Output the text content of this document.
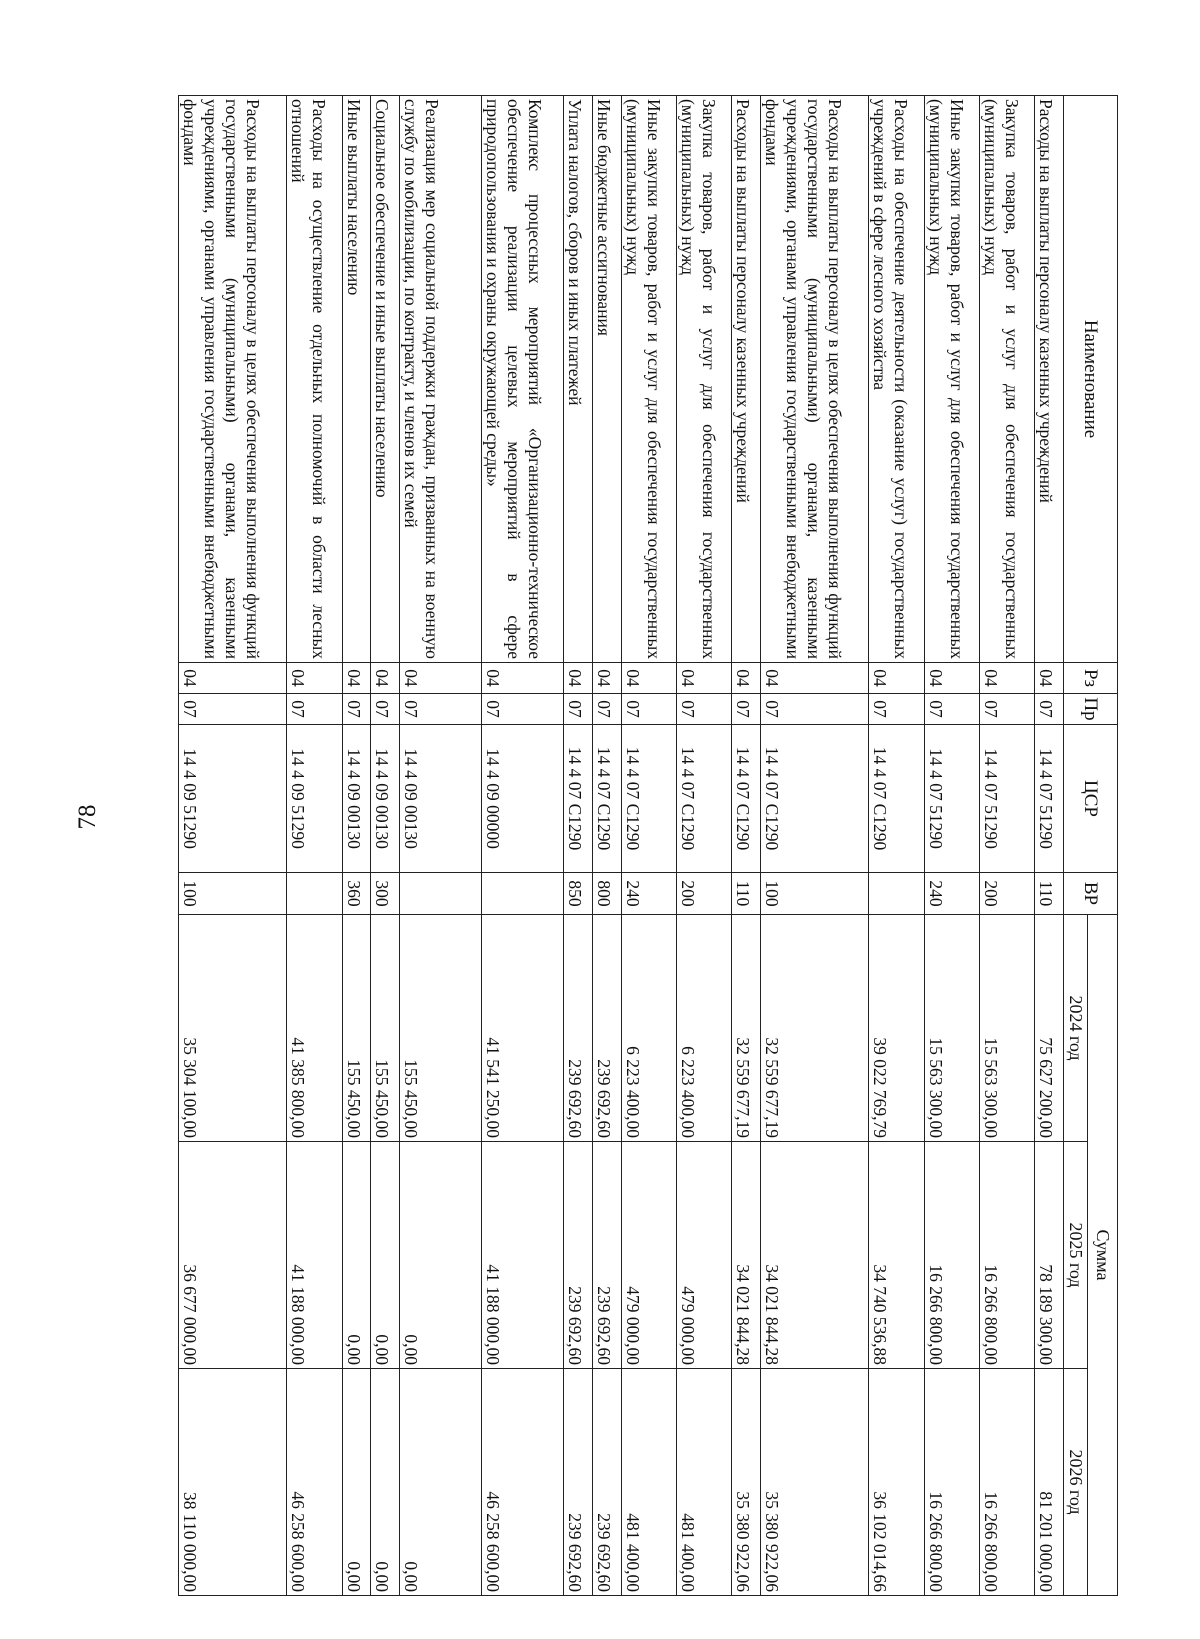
78
Наименование	Рз	Пр	ЦСР	ВР	Сумма		
					2024 год	2025 год	2026 год
Расходы на выплаты персоналу казенных учреждений	04	07	14 4 07 51290	110	75 627 200,00	78 189 300,00	81 201 000,00
Закупка товаров, работ и услуг для обеспечения государственных (муниципальных) нужд	04	07	14 4 07 51290	200	15 563 300,00	16 266 800,00	16 266 800,00
Иные закупки товаров, работ и услуг для обеспечения государственных (муниципальных) нужд	04	07	14 4 07 51290	240	15 563 300,00	16 266 800,00	16 266 800,00
Расходы на обеспечение деятельности (оказание услуг) государственных учреждений в сфере лесного хозяйства	04	07	14 4 07 С1290		39 022 769,79	34 740 536,88	36 102 014,66
Расходы на выплаты персоналу в целях обеспечения выполнения функций государственными (муниципальными) органами, казенными учреждениями, органами управления государственными внебюджетными фондами	04	07	14 4 07 С1290	100	32 559 677,19	34 021 844,28	35 380 922,06
Расходы на выплаты персоналу казенных учреждений	04	07	14 4 07 С1290	110	32 559 677,19	34 021 844,28	35 380 922,06
Закупка товаров, работ и услуг для обеспечения государственных (муниципальных) нужд	04	07	14 4 07 С1290	200	6 223 400,00	479 000,00	481 400,00
Иные закупки товаров, работ и услуг для обеспечения государственных (муниципальных) нужд	04	07	14 4 07 С1290	240	6 223 400,00	479 000,00	481 400,00
Иные бюджетные ассигнования	04	07	14 4 07 С1290	800	239 692,60	239 692,60	239 692,60
Уплата налогов, сборов и иных платежей	04	07	14 4 07 С1290	850	239 692,60	239 692,60	239 692,60
Комплекс процессных мероприятий «Организационно-техническое обеспечение реализации целевых мероприятий в сфере природопользования и охраны окружающей среды»	04	07	14 4 09 00000		41 541 250,00	41 188 000,00	46 258 600,00
Реализация мер социальной поддержки граждан, призванных на военную службу по мобилизации, по контракту, и членов их семей	04	07	14 4 09 00130		155 450,00	0,00	0,00
Социальное обеспечение и иные выплаты населению	04	07	14 4 09 00130	300	155 450,00	0,00	0,00
Иные выплаты населению	04	07	14 4 09 00130	360	155 450,00	0,00	0,00
Расходы на осуществление отдельных полномочий в области лесных отношений	04	07	14 4 09 51290		41 385 800,00	41 188 000,00	46 258 600,00
Расходы на выплаты персоналу в целях обеспечения выполнения функций государственными (муниципальными) органами, казенными учреждениями, органами управления государственными внебюджетными фондами	04	07	14 4 09 51290	100	35 304 100,00	36 677 000,00	38 110 000,00
